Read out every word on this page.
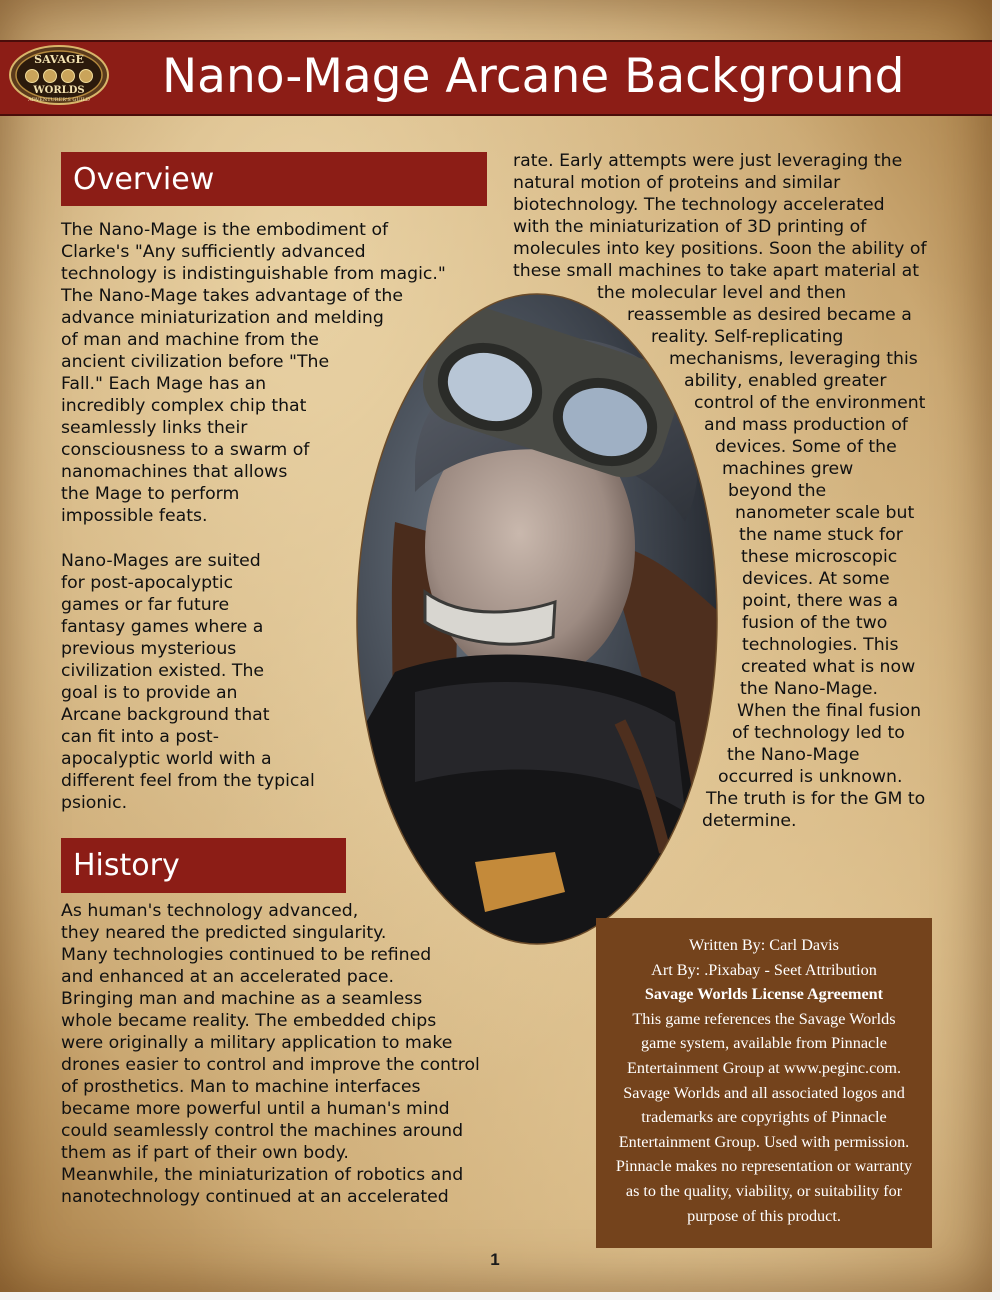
SAVAGE
WORLDS
ADVENTURER'S GUILD Nano-Mage Arcane Background
Overview
The Nano-Mage is the embodiment of
Clarke's "Any sufficiently advanced
technology is indistinguishable from magic."
The Nano-Mage takes advantage of the
advance miniaturization and melding
of man and machine from the
ancient civilization before "The
Fall." Each Mage has an
incredibly complex chip that
seamlessly links their
consciousness to a swarm of
nanomachines that allows
the Mage to perform
impossible feats.
Nano-Mages are suited
for post-apocalyptic
games or far future
fantasy games where a
previous mysterious
civilization existed. The
goal is to provide an
Arcane background that
can fit into a post-
apocalyptic world with a
different feel from the typical
psionic.
History
As human's technology advanced,
they neared the predicted singularity.
Many technologies continued to be refined
and enhanced at an accelerated pace.
Bringing man and machine as a seamless
whole became reality. The embedded chips
were originally a military application to make
drones easier to control and improve the control
of prosthetics. Man to machine interfaces
became more powerful until a human's mind
could seamlessly control the machines around
them as if part of their own body.
Meanwhile, the miniaturization of robotics and
nanotechnology continued at an accelerated
rate. Early attempts were just leveraging the
natural motion of proteins and similar
biotechnology. The technology accelerated
with the miniaturization of 3D printing of
molecules into key positions. Soon the ability of
these small machines to take apart material at
the molecular level and then
reassemble as desired became a
reality. Self-replicating
mechanisms, leveraging this
ability, enabled greater
control of the environment
and mass production of
devices. Some of the
machines grew
beyond the
nanometer scale but
the name stuck for
these microscopic
devices. At some
point, there was a
fusion of the two
technologies. This
created what is now
the Nano-Mage.
When the final fusion
of technology led to
the Nano-Mage
occurred is unknown.
The truth is for the GM to
determine.
Written By: Carl Davis
Art By: .Pixabay - Seet Attribution
Savage Worlds License Agreement
This game references the Savage Worlds
game system, available from Pinnacle
Entertainment Group at www.peginc.com.
Savage Worlds and all associated logos and
trademarks are copyrights of Pinnacle
Entertainment Group. Used with permission.
Pinnacle makes no representation or warranty
as to the quality, viability, or suitability for
purpose of this product.
1
